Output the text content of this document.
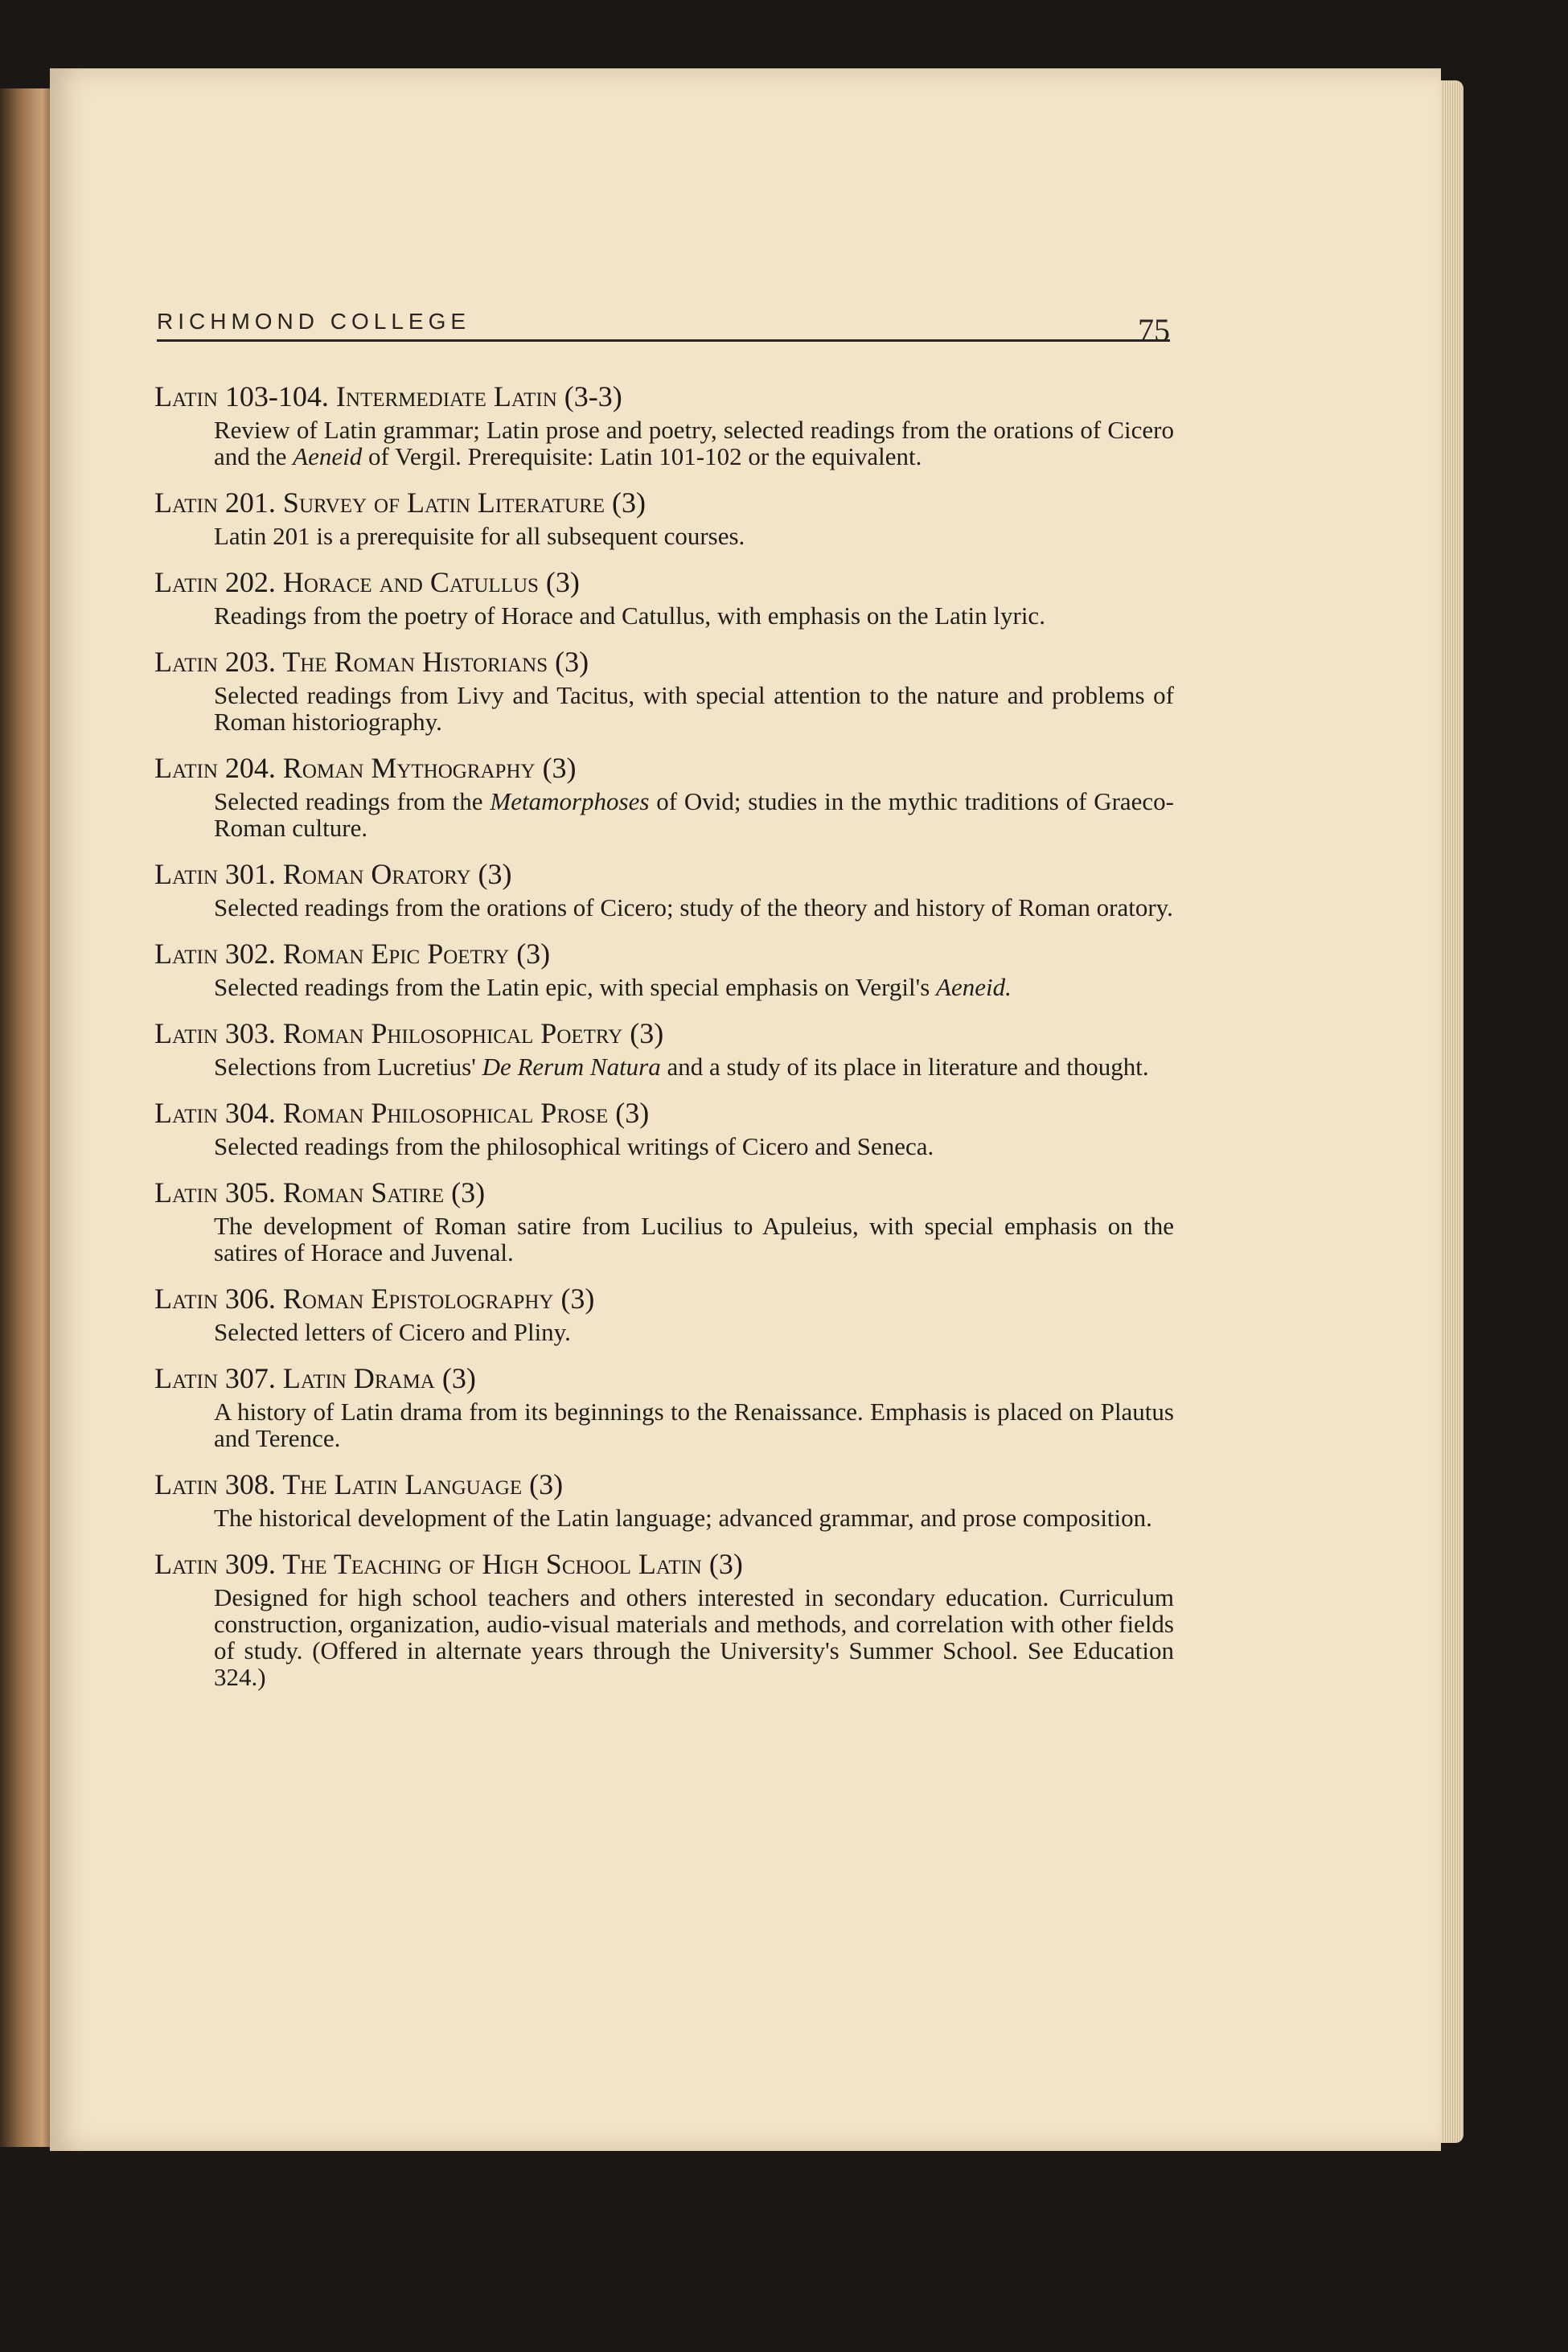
RICHMOND COLLEGE	75
Latin 103-104. Intermediate Latin (3-3)
Review of Latin grammar; Latin prose and poetry, selected readings from the orations of Cicero and the Aeneid of Vergil. Prerequisite: Latin 101-102 or the equivalent.
Latin 201. Survey of Latin Literature (3)
Latin 201 is a prerequisite for all subsequent courses.
Latin 202. Horace and Catullus (3)
Readings from the poetry of Horace and Catullus, with emphasis on the Latin lyric.
Latin 203. The Roman Historians (3)
Selected readings from Livy and Tacitus, with special attention to the nature and problems of Roman historiography.
Latin 204. Roman Mythography (3)
Selected readings from the Metamorphoses of Ovid; studies in the mythic traditions of Graeco-Roman culture.
Latin 301. Roman Oratory (3)
Selected readings from the orations of Cicero; study of the theory and history of Roman oratory.
Latin 302. Roman Epic Poetry (3)
Selected readings from the Latin epic, with special emphasis on Vergil's Aeneid.
Latin 303. Roman Philosophical Poetry (3)
Selections from Lucretius' De Rerum Natura and a study of its place in literature and thought.
Latin 304. Roman Philosophical Prose (3)
Selected readings from the philosophical writings of Cicero and Seneca.
Latin 305. Roman Satire (3)
The development of Roman satire from Lucilius to Apuleius, with special emphasis on the satires of Horace and Juvenal.
Latin 306. Roman Epistolography (3)
Selected letters of Cicero and Pliny.
Latin 307. Latin Drama (3)
A history of Latin drama from its beginnings to the Renaissance. Emphasis is placed on Plautus and Terence.
Latin 308. The Latin Language (3)
The historical development of the Latin language; advanced grammar, and prose composition.
Latin 309. The Teaching of High School Latin (3)
Designed for high school teachers and others interested in secondary education. Curriculum construction, organization, audio-visual materials and methods, and correlation with other fields of study. (Offered in alternate years through the University's Summer School. See Education 324.)
